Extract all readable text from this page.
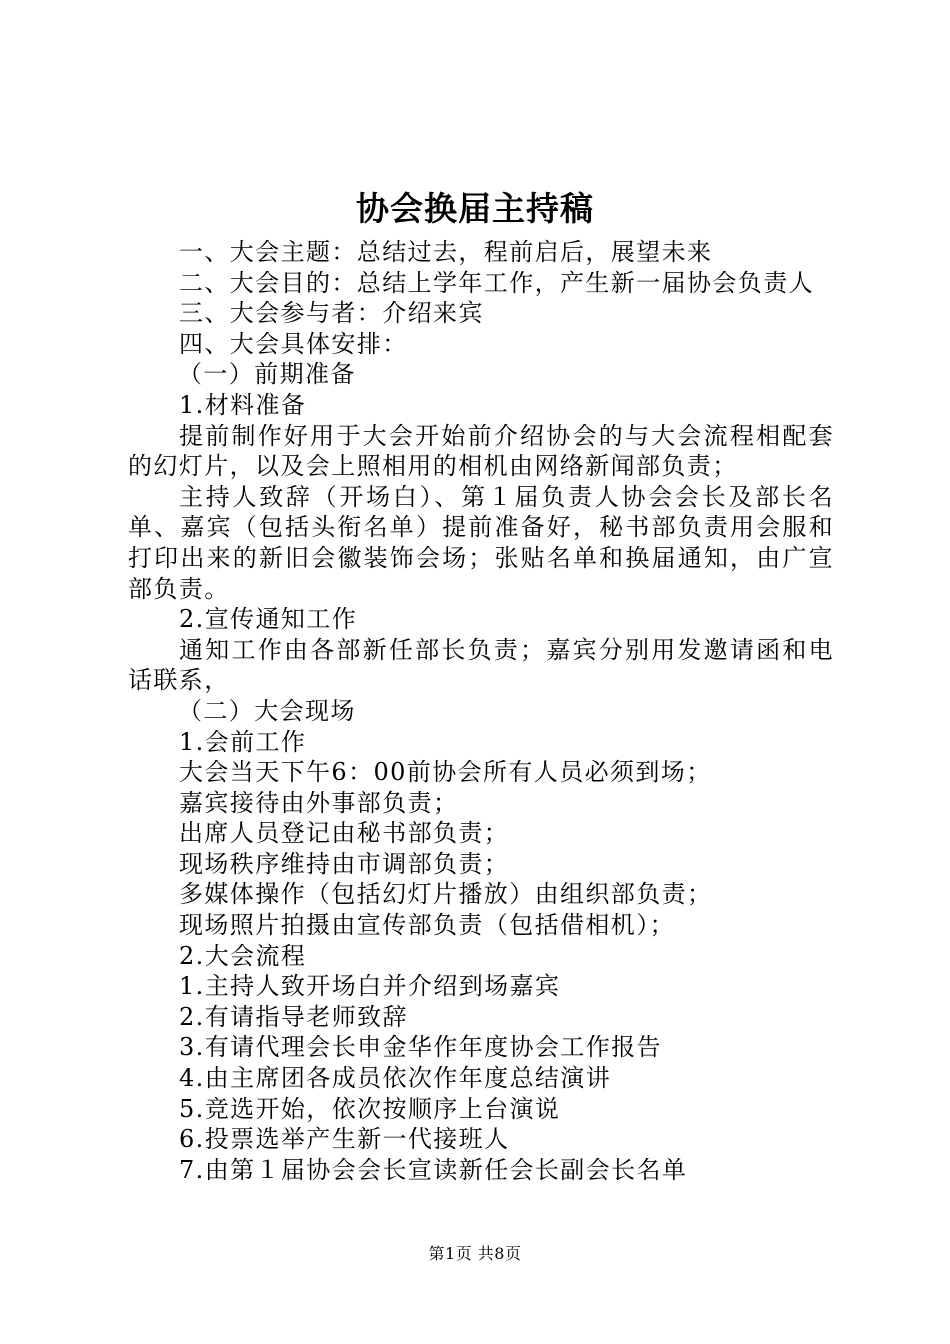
协会换届主持稿

一、大会主题：总结过去，程前启后，展望未来

二、大会目的：总结上学年工作，产生新一届协会负责人

三、大会参与者：介绍来宾

四、大会具体安排：

（一）前期准备

1.材料准备

提前制作好用于大会开始前介绍协会的与大会流程相配套的幻灯片，以及会上照相用的相机由网络新闻部负责；

主持人致辞（开场白）、第１届负责人协会会长及部长名单、嘉宾（包括头衔名单）提前准备好，秘书部负责用会服和打印出来的新旧会徽装饰会场；张贴名单和换届通知，由广宣部负责。

2.宣传通知工作

通知工作由各部新任部长负责；嘉宾分别用发邀请函和电话联系，

（二）大会现场

1.会前工作

大会当天下午6：00前协会所有人员必须到场；

嘉宾接待由外事部负责；

出席人员登记由秘书部负责；

现场秩序维持由市调部负责；

多媒体操作（包括幻灯片播放）由组织部负责；

现场照片拍摄由宣传部负责（包括借相机）；

2.大会流程

1.主持人致开场白并介绍到场嘉宾

2.有请指导老师致辞

3.有请代理会长申金华作年度协会工作报告

4.由主席团各成员依次作年度总结演讲

5.竞选开始，依次按顺序上台演说

6.投票选举产生新一代接班人

7.由第１届协会会长宣读新任会长副会长名单

第1页 共8页
